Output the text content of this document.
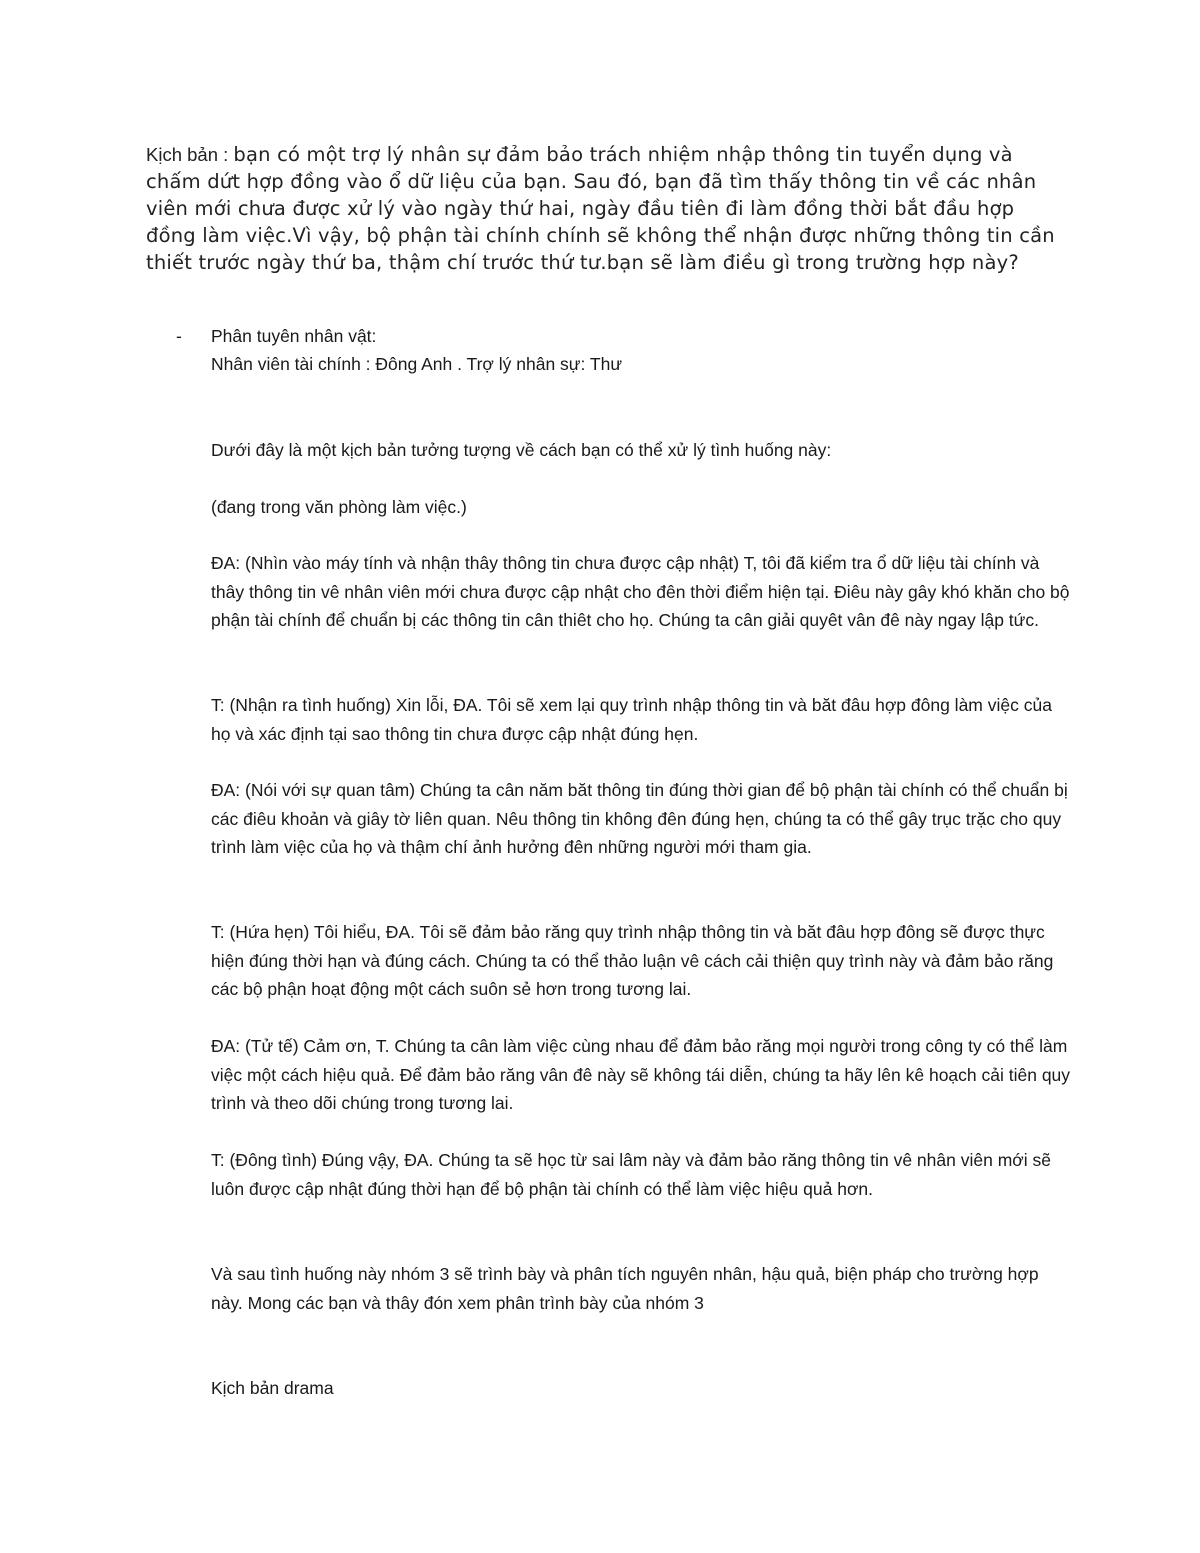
Kịch bản : bạn có một trợ lý nhân sự đảm bảo trách nhiệm nhập thông tin tuyển dụng và chấm dứt hợp đồng vào ổ dữ liệu của bạn. Sau đó, bạn đã tìm thấy thông tin về các nhân viên mới chưa được xử lý vào ngày thứ hai, ngày đầu tiên đi làm đồng thời bắt đầu hợp đồng làm việc.Vì vậy, bộ phận tài chính chính sẽ không thể nhận được những thông tin cần thiết trước ngày thứ ba, thậm chí trước thứ tư.bạn sẽ làm điều gì trong trường hợp này?

- Phân tuyên nhân vật:
Nhân viên tài chính : Đông Anh . Trợ lý nhân sự: Thư

Dưới đây là một kịch bản tưởng tượng về cách bạn có thể xử lý tình huống này:

(đang trong văn phòng làm việc.)

ĐA: (Nhìn vào máy tính và nhận thây thông tin chưa được cập nhật) T, tôi đã kiểm tra ổ dữ liệu tài chính và thây thông tin vê nhân viên mới chưa được cập nhật cho đên thời điểm hiện tại. Điêu này gây khó khăn cho bộ phận tài chính để chuẩn bị các thông tin cân thiêt cho họ. Chúng ta cân giải quyêt vân đê này ngay lập tức.

T: (Nhận ra tình huống) Xin lỗi, ĐA. Tôi sẽ xem lại quy trình nhập thông tin và băt đâu hợp đông làm việc của họ và xác định tại sao thông tin chưa được cập nhật đúng hẹn.

ĐA: (Nói với sự quan tâm) Chúng ta cân năm băt thông tin đúng thời gian để bộ phận tài chính có thể chuẩn bị các điêu khoản và giây tờ liên quan. Nêu thông tin không đên đúng hẹn, chúng ta có thể gây trục trặc cho quy trình làm việc của họ và thậm chí ảnh hưởng đên những người mới tham gia.

T: (Hứa hẹn) Tôi hiểu, ĐA. Tôi sẽ đảm bảo răng quy trình nhập thông tin và băt đâu hợp đông sẽ được thực hiện đúng thời hạn và đúng cách. Chúng ta có thể thảo luận vê cách cải thiện quy trình này và đảm bảo răng các bộ phận hoạt động một cách suôn sẻ hơn trong tương lai.

ĐA: (Tử tế) Cảm ơn, T. Chúng ta cân làm việc cùng nhau để đảm bảo răng mọi người trong công ty có thể làm việc một cách hiệu quả. Để đảm bảo răng vân đê này sẽ không tái diễn, chúng ta hãy lên kê hoạch cải tiên quy trình và theo dõi chúng trong tương lai.

T: (Đông tình) Đúng vậy, ĐA. Chúng ta sẽ học từ sai lâm này và đảm bảo răng thông tin vê nhân viên mới sẽ luôn được cập nhật đúng thời hạn để bộ phận tài chính có thể làm việc hiệu quả hơn.

Và sau tình huống này nhóm 3 sẽ trình bày và phân tích nguyên nhân, hậu quả, biện pháp cho trường hợp này. Mong các bạn và thây đón xem phân trình bày của nhóm 3

Kịch bản drama
